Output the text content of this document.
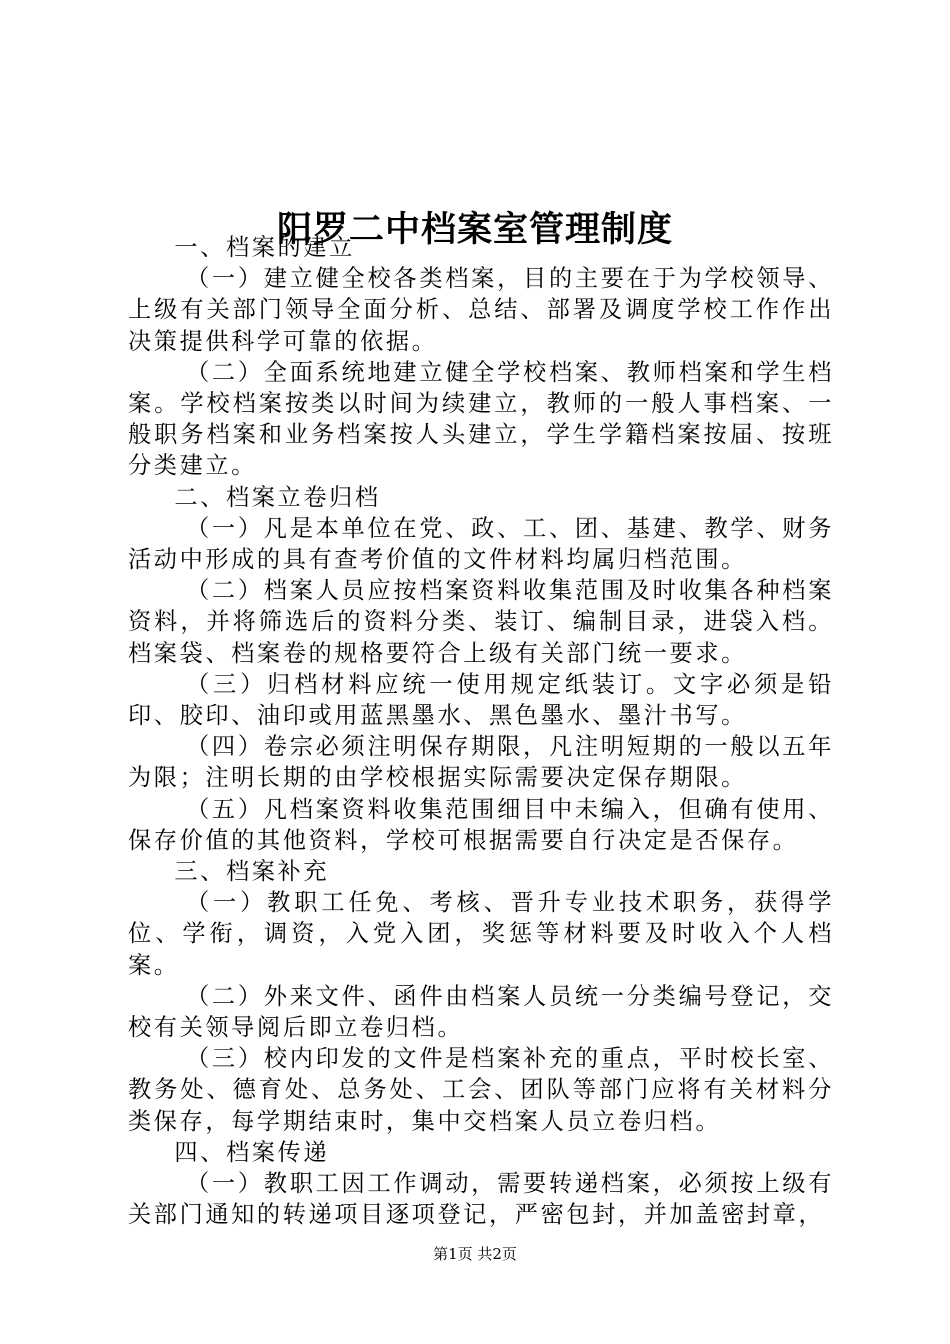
阳罗二中档案室管理制度

一、档案的建立

（一）建立健全校各类档案，目的主要在于为学校领导、上级有关部门领导全面分析、总结、部署及调度学校工作作出决策提供科学可靠的依据。

（二）全面系统地建立健全学校档案、教师档案和学生档案。学校档案按类以时间为续建立，教师的一般人事档案、一般职务档案和业务档案按人头建立，学生学籍档案按届、按班分类建立。

二、档案立卷归档

（一）凡是本单位在党、政、工、团、基建、教学、财务活动中形成的具有查考价值的文件材料均属归档范围。

（二）档案人员应按档案资料收集范围及时收集各种档案资料，并将筛选后的资料分类、装订、编制目录，进袋入档。档案袋、档案卷的规格要符合上级有关部门统一要求。

（三）归档材料应统一使用规定纸装订。文字必须是铅印、胶印、油印或用蓝黑墨水、黑色墨水、墨汁书写。

（四）卷宗必须注明保存期限，凡注明短期的一般以五年为限；注明长期的由学校根据实际需要决定保存期限。

（五）凡档案资料收集范围细目中未编入，但确有使用、保存价值的其他资料，学校可根据需要自行决定是否保存。

三、档案补充

（一）教职工任免、考核、晋升专业技术职务，获得学位、学衔，调资，入党入团，奖惩等材料要及时收入个人档案。

（二）外来文件、函件由档案人员统一分类编号登记，交校有关领导阅后即立卷归档。

（三）校内印发的文件是档案补充的重点，平时校长室、教务处、德育处、总务处、工会、团队等部门应将有关材料分类保存，每学期结束时，集中交档案人员立卷归档。

四、档案传递

（一）教职工因工作调动，需要转递档案，必须按上级有关部门通知的转递项目逐项登记，严密包封，并加盖密封章，

第1页 共2页
